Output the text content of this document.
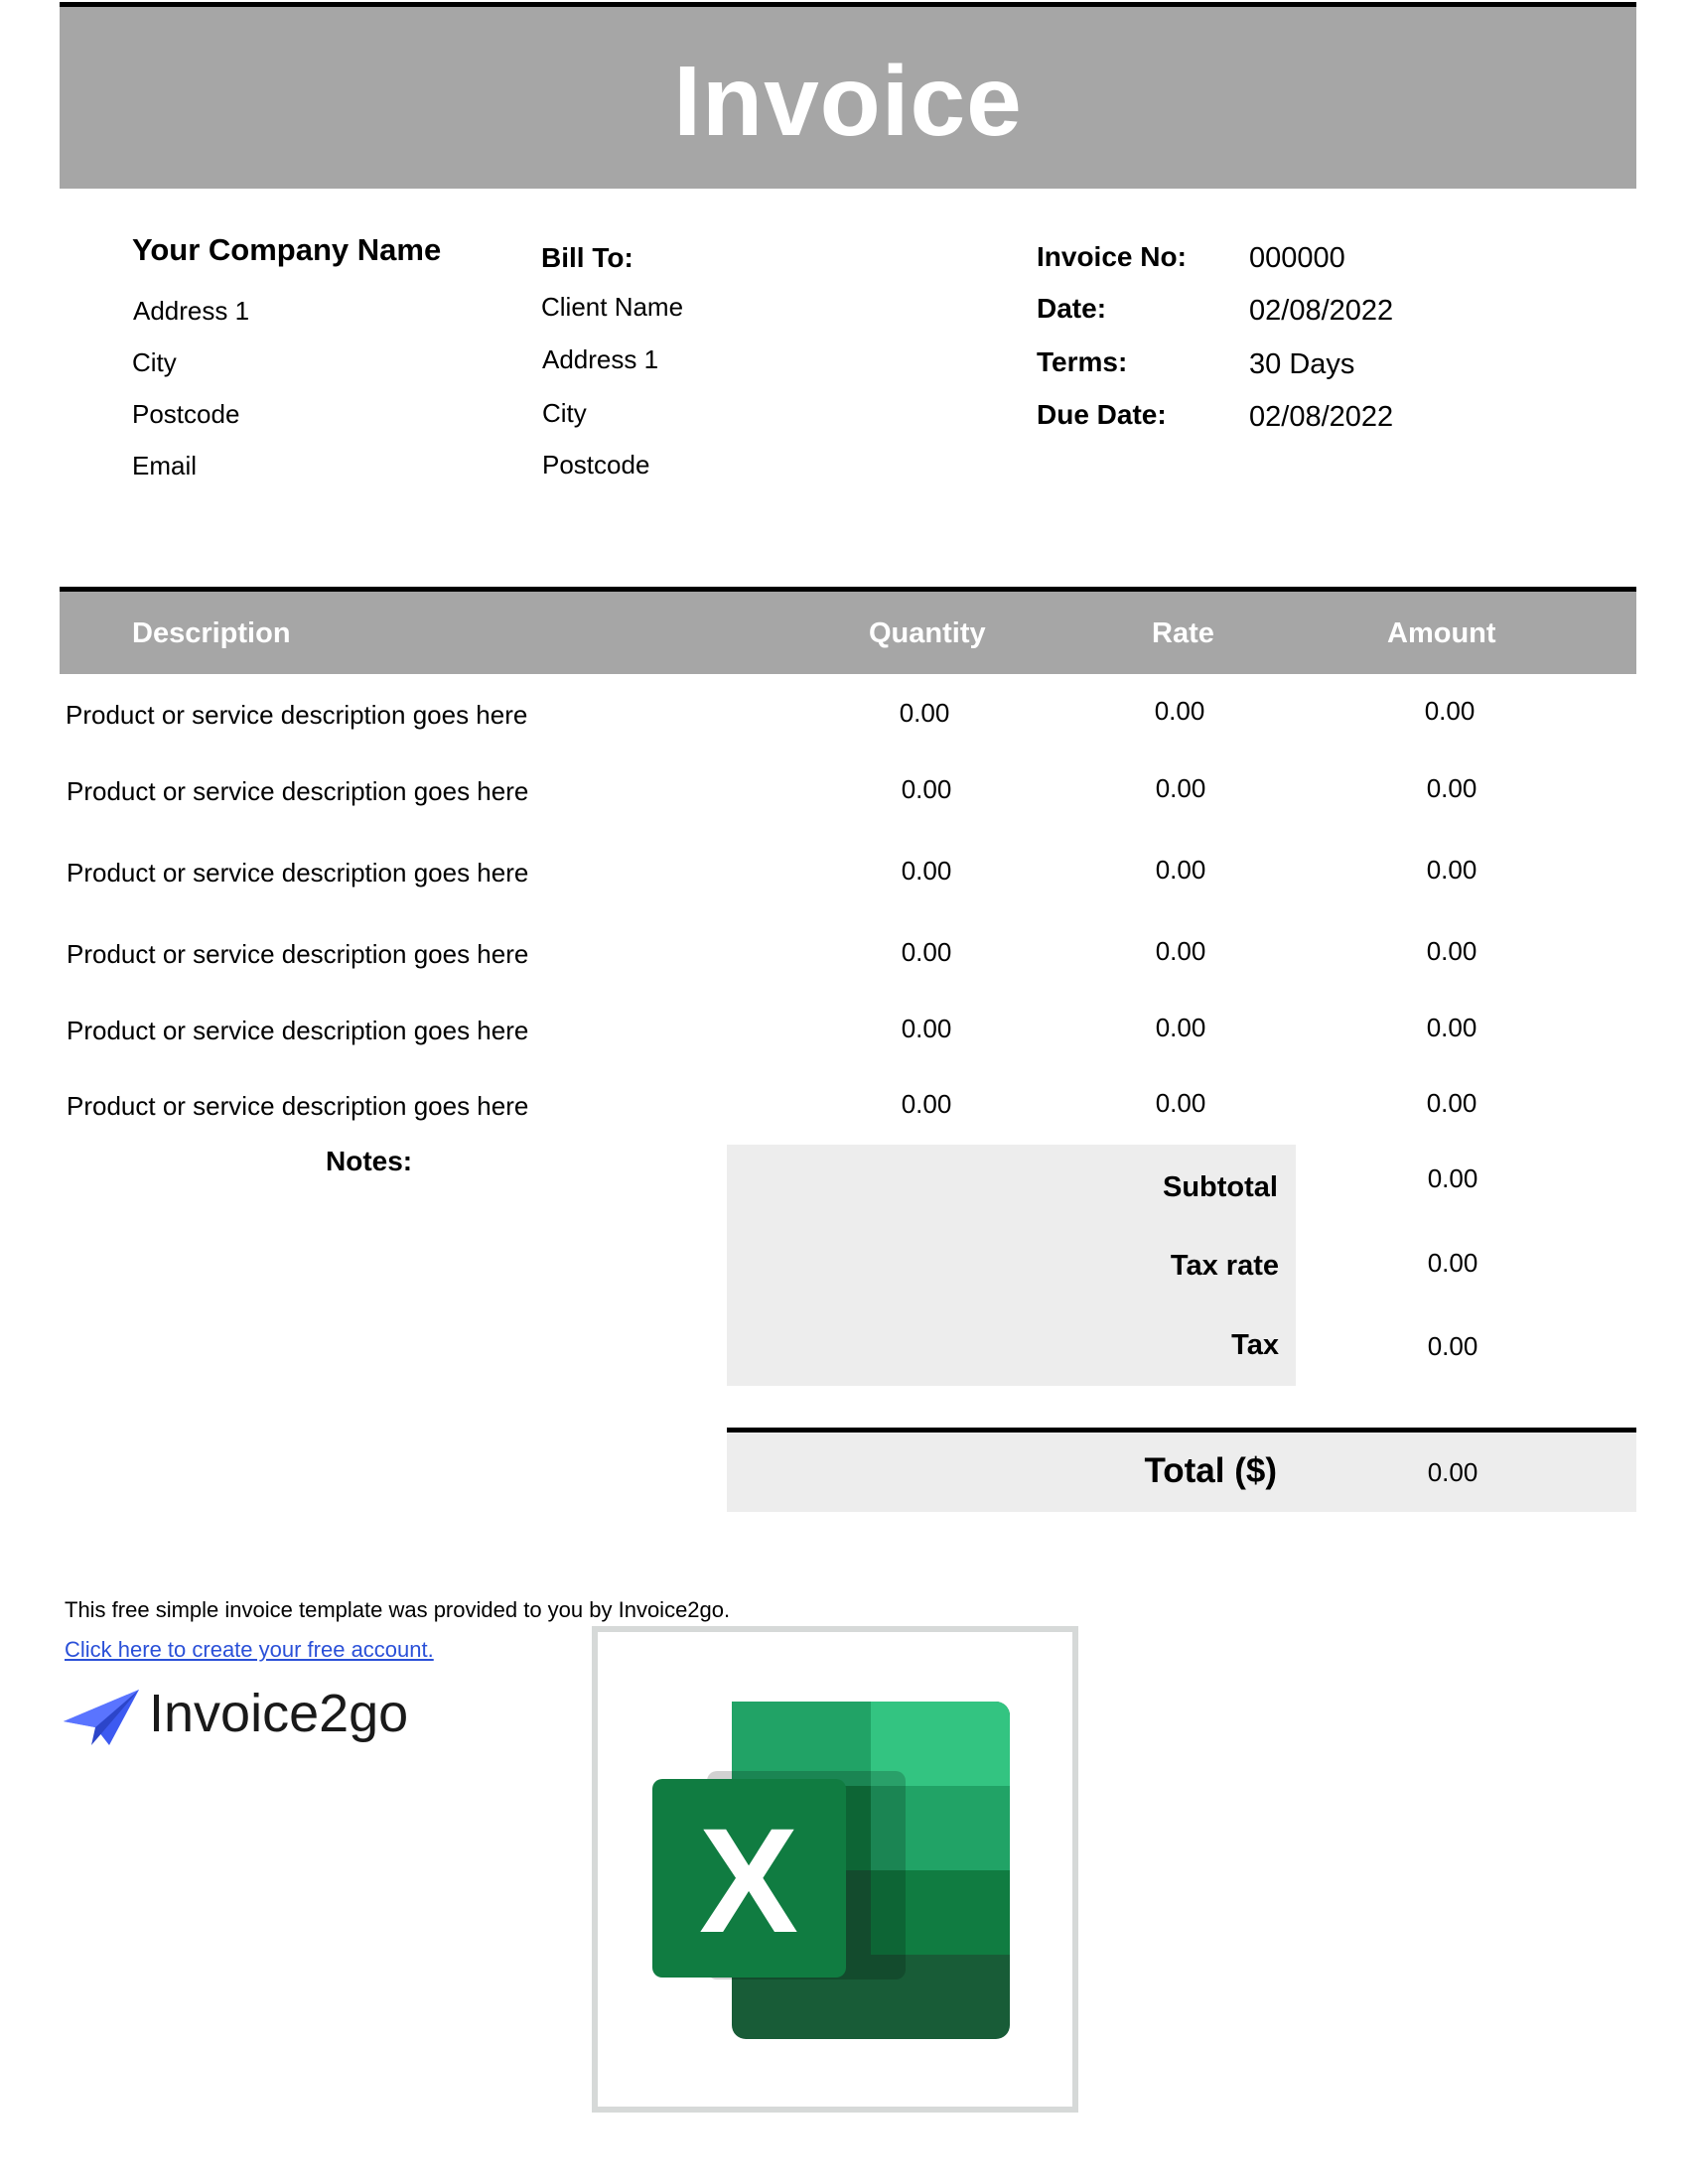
Invoice
Your Company Name
Address 1
City
Postcode
Email
Bill To:
Client Name
Address 1
City
Postcode
Invoice No: 000000
Date:	02/08/2022
Terms:	30 Days
Due Date:	02/08/2022
Description	Quantity	Rate	Amount
Product or service description goes here	0.00	0.00	0.00
Product or service description goes here	0.00	0.00	0.00
Product or service description goes here	0.00	0.00	0.00
Product or service description goes here	0.00	0.00	0.00
Product or service description goes here	0.00	0.00	0.00
Product or service description goes here	0.00	0.00	0.00
Notes:
Subtotal	0.00
Tax rate	0.00
Tax	0.00
Total ($)	0.00
This free simple invoice template was provided to you by Invoice2go.
Click here to create your free account.
Invoice2go
X
